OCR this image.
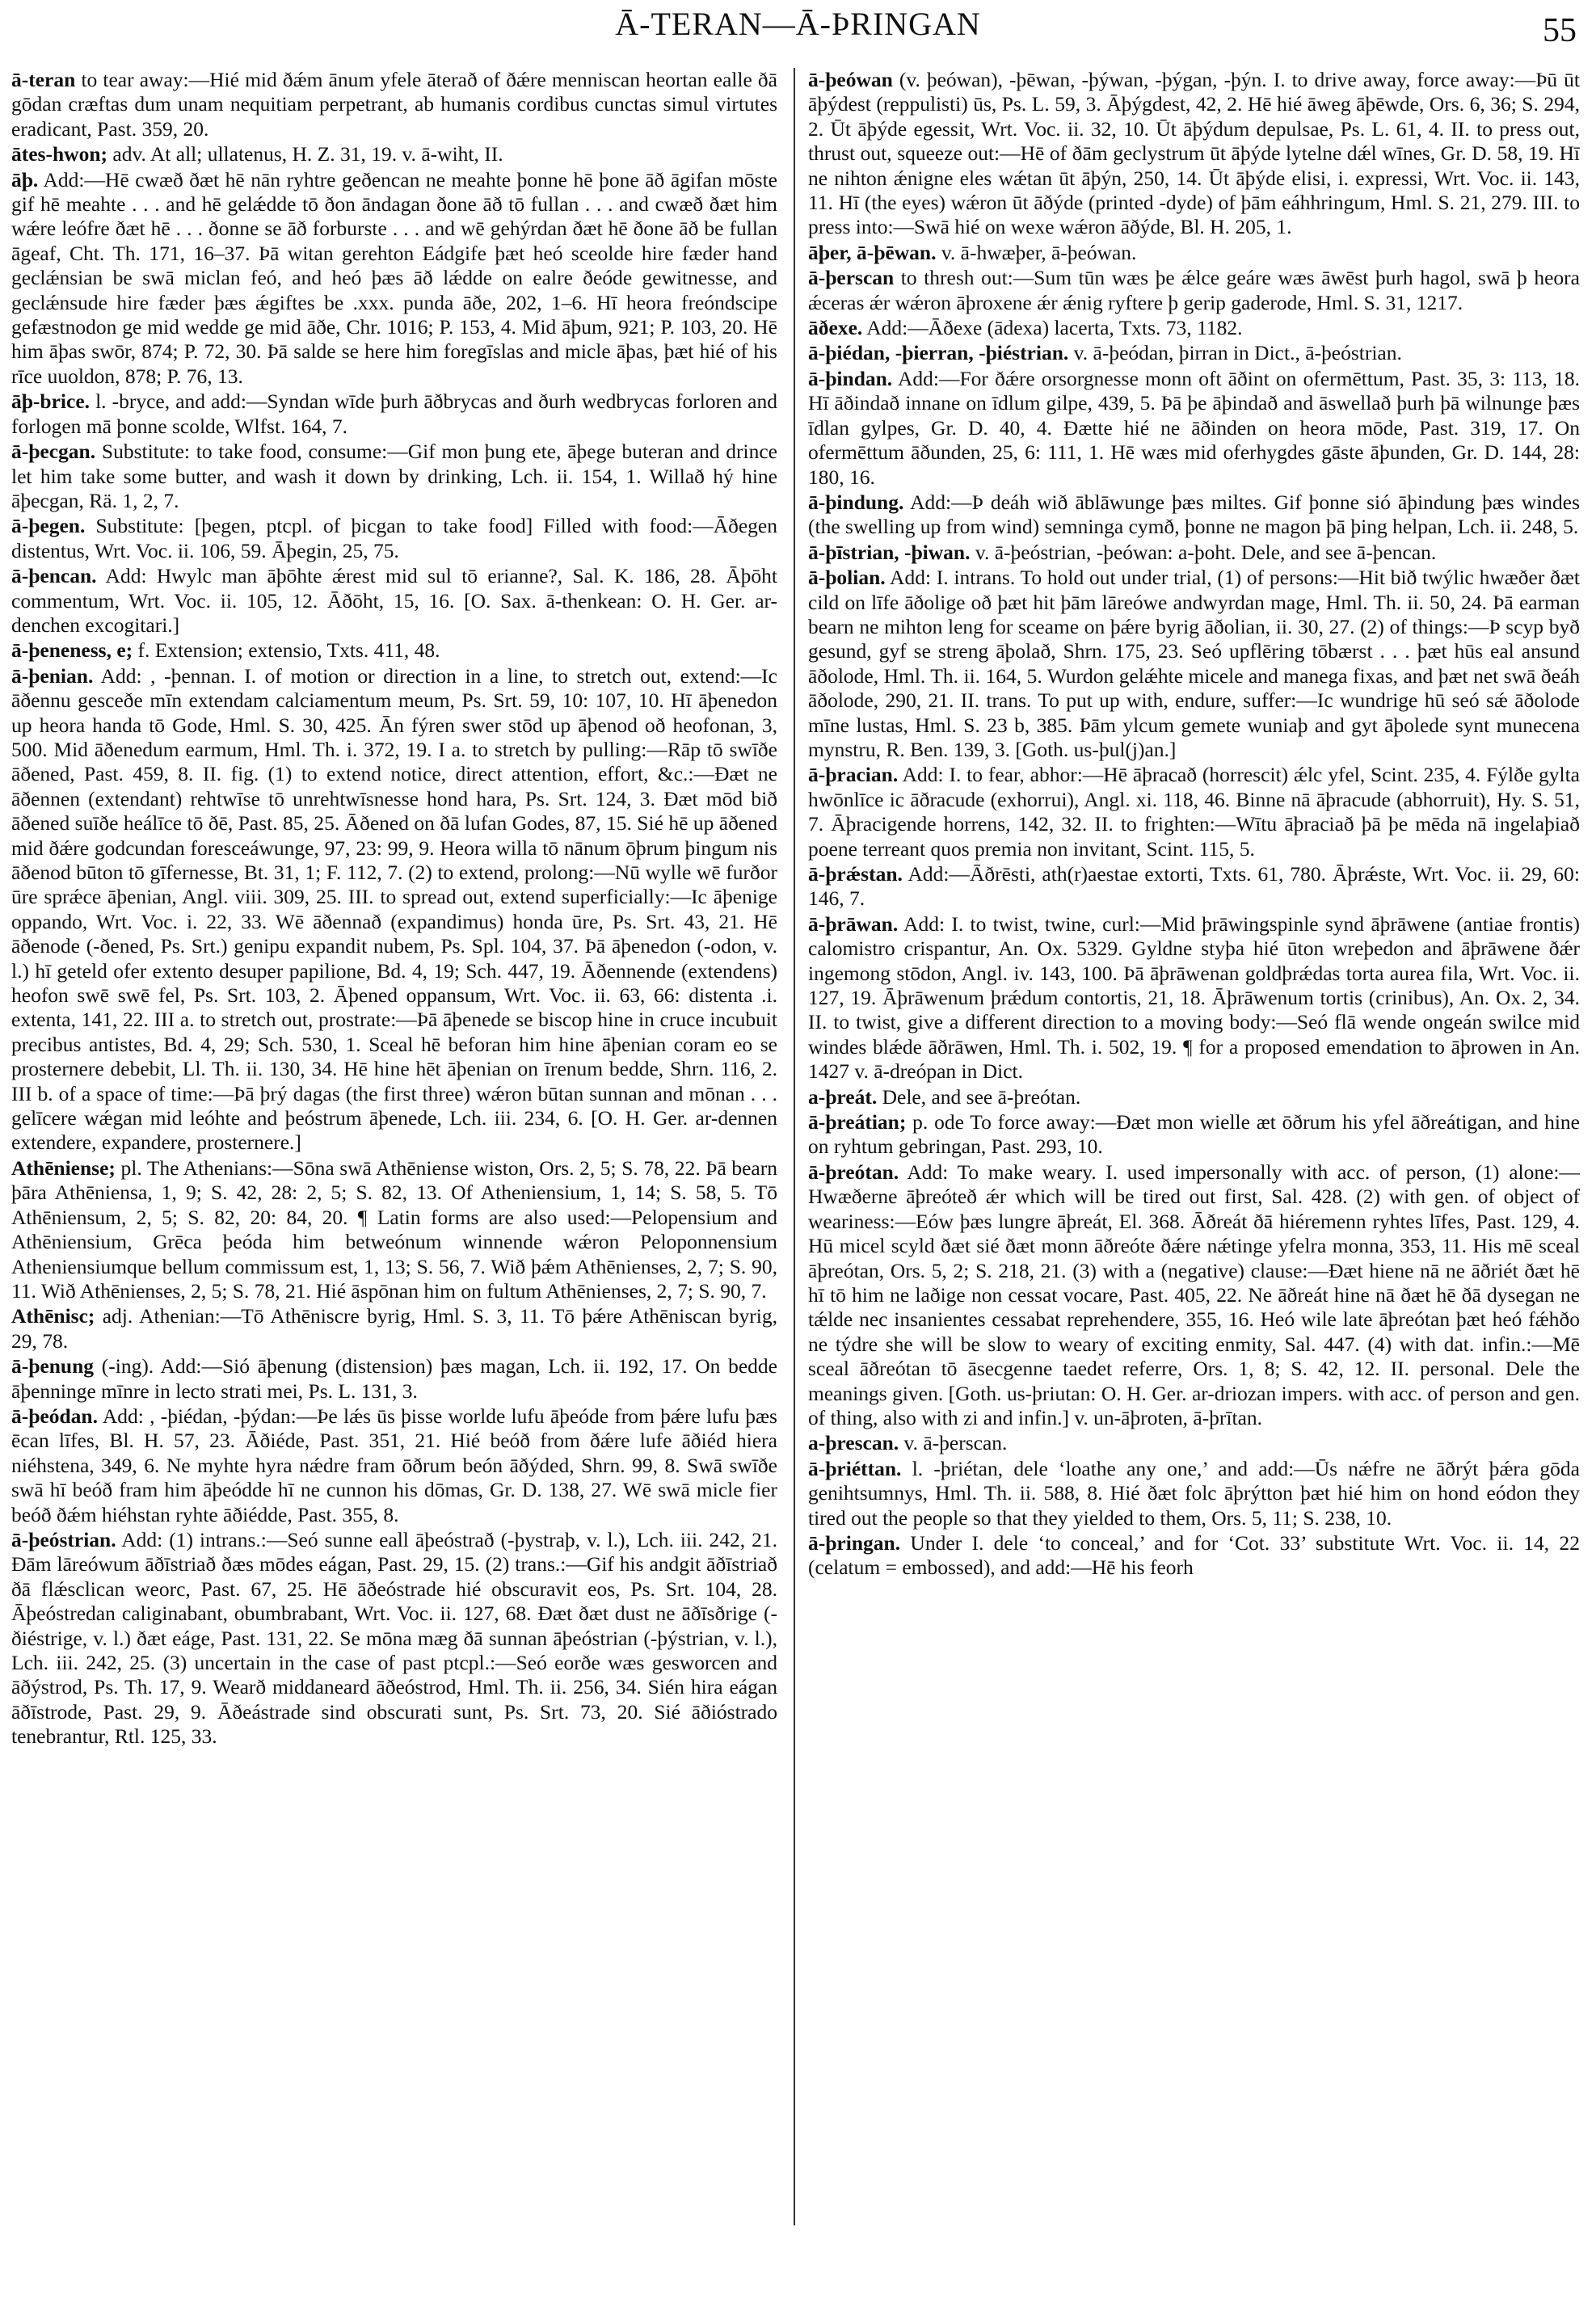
Ā-TERAN—Ā-ÞRINGAN	55

ā-teran to tear away:—Hié mid ðǽm ānum yfele āterað of ðǽre menniscan heortan ealle ðā gōdan cræftas dum unam nequitiam perpetrant, ab humanis cordibus cunctas simul virtutes eradicant, Past. 359, 20.

ātes-hwon; adv. At all; ullatenus, H. Z. 31, 19. v. ā-wiht, II.

āþ. Add:—Hē cwæð ðæt hē nān ryhtre geðencan ne meahte þonne hē þone āð āgifan mōste gif hē meahte . . . and hē gelǽdde tō ðon āndagan ðone āð tō fullan . . . and cwæð ðæt him wǽre leófre ðæt hē . . . ðonne se āð forburste . . . and wē gehýrdan ðæt hē ðone āð be fullan āgeaf, Cht. Th. 171, 16–37. Þā witan gerehton Eádgife þæt heó sceolde hire fæder hand geclǽnsian be swā miclan feó, and heó þæs āð lǽdde on ealre ðeóde gewitnesse, and geclǽnsude hire fæder þæs ǽgiftes be .xxx. punda āðe, 202, 1–6. Hī heora freóndscipe gefæstnodon ge mid wedde ge mid āðe, Chr. 1016; P. 153, 4. Mid āþum, 921; P. 103, 20. Hē him āþas swōr, 874; P. 72, 30. Þā salde se here him foregīslas and micle āþas, þæt hié of his rīce uuoldon, 878; P. 76, 13.

āþ-brice. l. -bryce, and add:—Syndan wīde þurh āðbrycas and ðurh wedbrycas forloren and forlogen mā þonne scolde, Wlfst. 164, 7.

ā-þecgan. Substitute: to take food, consume:—Gif mon þung ete, āþege buteran and drince let him take some butter, and wash it down by drinking, Lch. ii. 154, 1. Willað hý hine āþecgan, Rä. 1, 2, 7.

ā-þegen. Substitute: [þegen, ptcpl. of þicgan to take food] Filled with food:—Āðegen distentus, Wrt. Voc. ii. 106, 59. Āþegin, 25, 75.

ā-þencan. Add: Hwylc man āþōhte ǽrest mid sul tō erianne?, Sal. K. 186, 28. Āþōht commentum, Wrt. Voc. ii. 105, 12. Āðōht, 15, 16. [O. Sax. ā-thenkean: O. H. Ger. ar-denchen excogitari.]

ā-þeneness, e; f. Extension; extensio, Txts. 411, 48.

ā-þenian. Add: , -þennan. I. of motion or direction in a line, to stretch out, extend:—Ic āðennu gesceðe mīn extendam calciamentum meum, Ps. Srt. 59, 10: 107, 10. Hī āþenedon up heora handa tō Gode, Hml. S. 30, 425. Ān fýren swer stōd up āþenod oð heofonan, 3, 500. Mid āðenedum earmum, Hml. Th. i. 372, 19. I a. to stretch by pulling:—Rāp tō swīðe āðened, Past. 459, 8. II. fig. (1) to extend notice, direct attention, effort, &c.:—Ðæt ne āðennen (extendant) rehtwīse tō unrehtwīsnesse hond hara, Ps. Srt. 124, 3. Ðæt mōd bið āðened suīðe heálīce tō ðē, Past. 85, 25. Āðened on ðā lufan Godes, 87, 15. Sié hē up āðened mid ðǽre godcundan foresceáwunge, 97, 23: 99, 9. Heora willa tō nānum ōþrum þingum nis āðenod būton tō gīfernesse, Bt. 31, 1; F. 112, 7. (2) to extend, prolong:—Nū wylle wē furðor ūre sprǽce āþenian, Angl. viii. 309, 25. III. to spread out, extend superficially:—Ic āþenige oppando, Wrt. Voc. i. 22, 33. Wē āðennað (expandimus) honda ūre, Ps. Srt. 43, 21. Hē āðenode (-ðened, Ps. Srt.) genipu expandit nubem, Ps. Spl. 104, 37. Þā āþenedon (-odon, v. l.) hī geteld ofer extento desuper papilione, Bd. 4, 19; Sch. 447, 19. Āðennende (extendens) heofon swē swē fel, Ps. Srt. 103, 2. Āþened oppansum, Wrt. Voc. ii. 63, 66: distenta .i. extenta, 141, 22. III a. to stretch out, prostrate:—Þā āþenede se biscop hine in cruce incubuit precibus antistes, Bd. 4, 29; Sch. 530, 1. Sceal hē beforan him hine āþenian coram eo se prosternere debebit, Ll. Th. ii. 130, 34. Hē hine hēt āþenian on īrenum bedde, Shrn. 116, 2. III b. of a space of time:—Þā þrý dagas (the first three) wǽron būtan sunnan and mōnan . . . gelīcere wǽgan mid leóhte and þeóstrum āþenede, Lch. iii. 234, 6. [O. H. Ger. ar-dennen extendere, expandere, prosternere.]

Athēniense; pl. The Athenians:—Sōna swā Athēniense wiston, Ors. 2, 5; S. 78, 22. Þā bearn þāra Athēniensa, 1, 9; S. 42, 28: 2, 5; S. 82, 13. Of Atheniensium, 1, 14; S. 58, 5. Tō Athēniensum, 2, 5; S. 82, 20: 84, 20. ¶ Latin forms are also used:—Pelopensium and Athēniensium, Grēca þeóda him betweónum winnende wǽron Peloponnensium Atheniensiumque bellum commissum est, 1, 13; S. 56, 7. Wið þǽm Athēnienses, 2, 7; S. 90, 11. Wið Athēnienses, 2, 5; S. 78, 21. Hié āspōnan him on fultum Athēnienses, 2, 7; S. 90, 7.

Athēnisc; adj. Athenian:—Tō Athēniscre byrig, Hml. S. 3, 11. Tō þǽre Athēniscan byrig, 29, 78.

ā-þenung (-ing). Add:—Sió āþenung (distension) þæs magan, Lch. ii. 192, 17. On bedde āþenninge mīnre in lecto strati mei, Ps. L. 131, 3.

ā-þeódan. Add: , -þiédan, -þýdan:—Þe lǽs ūs þisse worlde lufu āþeóde from þǽre lufu þæs ēcan līfes, Bl. H. 57, 23. Āðiéde, Past. 351, 21. Hié beóð from ðǽre lufe āðiéd hiera niéhstena, 349, 6. Ne myhte hyra nǽdre fram ōðrum beón āðýded, Shrn. 99, 8. Swā swīðe swā hī beóð fram him āþeódde hī ne cunnon his dōmas, Gr. D. 138, 27. Wē swā micle fier beóð ðǽm hiéhstan ryhte āðiédde, Past. 355, 8.

ā-þeóstrian. Add: (1) intrans.:—Seó sunne eall āþeóstrað (-þystraþ, v. l.), Lch. iii. 242, 21. Ðām lāreówum āðīstriað ðæs mōdes eágan, Past. 29, 15. (2) trans.:—Gif his andgit āðīstriað ðā flǽsclican weorc, Past. 67, 25. Hē āðeóstrade hié obscuravit eos, Ps. Srt. 104, 28. Āþeóstredan caliginabant, obumbrabant, Wrt. Voc. ii. 127, 68. Ðæt ðæt dust ne āðīsðrige (-ðiéstrige, v. l.) ðæt eáge, Past. 131, 22. Se mōna mæg ðā sunnan āþeóstrian (-þýstrian, v. l.), Lch. iii. 242, 25. (3) uncertain in the case of past ptcpl.:—Seó eorðe wæs gesworcen and āðýstrod, Ps. Th. 17, 9. Wearð middaneard āðeóstrod, Hml. Th. ii. 256, 34. Sién hira eágan āðīstrode, Past. 29, 9. Āðeástrade sind obscurati sunt, Ps. Srt. 73, 20. Sié āðióstrado tenebrantur, Rtl. 125, 33.

ā-þeówan (v. þeówan), -þēwan, -þýwan, -þýgan, -þýn. I. to drive away, force away:—Þū ūt āþýdest (reppulisti) ūs, Ps. L. 59, 3. Āþýgdest, 42, 2. Hē hié āweg āþēwde, Ors. 6, 36; S. 294, 2. Ūt āþýde egessit, Wrt. Voc. ii. 32, 10. Ūt āþýdum depulsae, Ps. L. 61, 4. II. to press out, thrust out, squeeze out:—Hē of ðām geclystrum ūt āþýde lytelne dǽl wīnes, Gr. D. 58, 19. Hī ne nihton ǽnigne eles wǽtan ūt āþýn, 250, 14. Ūt āþýde elisi, i. expressi, Wrt. Voc. ii. 143, 11. Hī (the eyes) wǽron ūt āðýde (printed -dyde) of þām eáhhringum, Hml. S. 21, 279. III. to press into:—Swā hié on wexe wǽron āðýde, Bl. H. 205, 1.

āþer, ā-þēwan. v. ā-hwæþer, ā-þeówan.

ā-þerscan to thresh out:—Sum tūn wæs þe ǽlce geáre wæs āwēst þurh hagol, swā þ heora ǽceras ǽr wǽron āþroxene ǽr ǽnig ryftere þ gerip gaderode, Hml. S. 31, 1217.

āðexe. Add:—Āðexe (ādexa) lacerta, Txts. 73, 1182.

ā-þiédan, -þierran, -þiéstrian. v. ā-þeódan, þirran in Dict., ā-þeóstrian.

ā-þindan. Add:—For ðǽre orsorgnesse monn oft āðint on ofermēttum, Past. 35, 3: 113, 18. Hī āðindað innane on īdlum gilpe, 439, 5. Þā þe āþindað and āswellað þurh þā wilnunge þæs īdlan gylpes, Gr. D. 40, 4. Ðætte hié ne āðinden on heora mōde, Past. 319, 17. On ofermēttum āðunden, 25, 6: 111, 1. Hē wæs mid oferhygdes gāste āþunden, Gr. D. 144, 28: 180, 16.

ā-þindung. Add:—Þ deáh wið āblāwunge þæs miltes. Gif þonne sió āþindung þæs windes (the swelling up from wind) semninga cymð, þonne ne magon þā þing helpan, Lch. ii. 248, 5.

ā-þīstrian, -þiwan. v. ā-þeóstrian, -þeówan: a-þoht. Dele, and see ā-þencan.

ā-þolian. Add: I. intrans. To hold out under trial, (1) of persons:—Hit bið twýlic hwæðer ðæt cild on līfe āðolige oð þæt hit þām lāreówe andwyrdan mage, Hml. Th. ii. 50, 24. Þā earman bearn ne mihton leng for sceame on þǽre byrig āðolian, ii. 30, 27. (2) of things:—Þ scyp byð gesund, gyf se streng āþolað, Shrn. 175, 23. Seó upflēring tōbærst . . . þæt hūs eal ansund āðolode, Hml. Th. ii. 164, 5. Wurdon gelǽhte micele and manega fixas, and þæt net swā ðeáh āðolode, 290, 21. II. trans. To put up with, endure, suffer:—Ic wundrige hū seó sǽ āðolode mīne lustas, Hml. S. 23 b, 385. Þām ylcum gemete wuniaþ and gyt āþolede synt munecena mynstru, R. Ben. 139, 3. [Goth. us-þul(j)an.]

ā-þracian. Add: I. to fear, abhor:—Hē āþracað (horrescit) ǽlc yfel, Scint. 235, 4. Fýlðe gylta hwōnlīce ic āðracude (exhorrui), Angl. xi. 118, 46. Binne nā āþracude (abhorruit), Hy. S. 51, 7. Āþracigende horrens, 142, 32. II. to frighten:—Wītu āþraciað þā þe mēda nā ingelaþiað poene terreant quos premia non invitant, Scint. 115, 5.

ā-þrǽstan. Add:—Āðrēsti, ath(r)aestae extorti, Txts. 61, 780. Āþrǽste, Wrt. Voc. ii. 29, 60: 146, 7.

ā-þrāwan. Add: I. to twist, twine, curl:—Mid þrāwingspinle synd āþrāwene (antiae frontis) calomistro crispantur, An. Ox. 5329. Gyldne styþa hié ūton wreþedon and āþrāwene ðǽr ingemong stōdon, Angl. iv. 143, 100. Þā āþrāwenan goldþrǽdas torta aurea fila, Wrt. Voc. ii. 127, 19. Āþrāwenum þrǽdum contortis, 21, 18. Āþrāwenum tortis (crinibus), An. Ox. 2, 34. II. to twist, give a different direction to a moving body:—Seó flā wende ongeán swilce mid windes blǽde āðrāwen, Hml. Th. i. 502, 19. ¶ for a proposed emendation to āþrowen in An. 1427 v. ā-dreópan in Dict.

a-þreát. Dele, and see ā-þreótan.

ā-þreátian; p. ode To force away:—Ðæt mon wielle æt ōðrum his yfel āðreátigan, and hine on ryhtum gebringan, Past. 293, 10.

ā-þreótan. Add: To make weary. I. used impersonally with acc. of person, (1) alone:—Hwæðerne āþreóteð ǽr which will be tired out first, Sal. 428. (2) with gen. of object of weariness:—Eów þæs lungre āþreát, El. 368. Āðreát ðā hiéremenn ryhtes līfes, Past. 129, 4. Hū micel scyld ðæt sié ðæt monn āðreóte ðǽre nǽtinge yfelra monna, 353, 11. His mē sceal āþreótan, Ors. 5, 2; S. 218, 21. (3) with a (negative) clause:—Ðæt hiene nā ne āðriét ðæt hē hī tō him ne laðige non cessat vocare, Past. 405, 22. Ne āðreát hine nā ðæt hē ðā dysegan ne tǽlde nec insanientes cessabat reprehendere, 355, 16. Heó wile late āþreótan þæt heó fǽhðo ne týdre she will be slow to weary of exciting enmity, Sal. 447. (4) with dat. infin.:—Mē sceal āðreótan tō āsecgenne taedet referre, Ors. 1, 8; S. 42, 12. II. personal. Dele the meanings given. [Goth. us-þriutan: O. H. Ger. ar-driozan impers. with acc. of person and gen. of thing, also with zi and infin.] v. un-āþroten, ā-þrītan.

a-þrescan. v. ā-þerscan.

ā-þriéttan. l. -þriétan, dele ‘loathe any one,’ and add:—Ūs nǽfre ne āðrýt þǽra gōda genihtsumnys, Hml. Th. ii. 588, 8. Hié ðæt folc āþrýtton þæt hié him on hond eódon they tired out the people so that they yielded to them, Ors. 5, 11; S. 238, 10.

ā-þringan. Under I. dele ‘to conceal,’ and for ‘Cot. 33’ substitute Wrt. Voc. ii. 14, 22 (celatum = embossed), and add:—Hē his feorh
